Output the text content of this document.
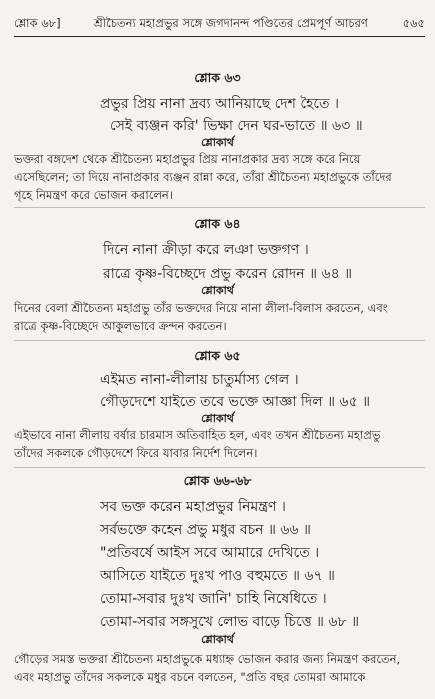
শ্লোক ৬৮]	শ্রীচৈতন্য মহাপ্রভুর সঙ্গে জগদানন্দ পণ্ডিতের প্রেমপূর্ণ আচরণ	৫৬৫
শ্লোক ৬৩
প্রভুর প্রিয় নানা দ্রব্য আনিয়াছে দেশ হৈতে ।
সেই ব্যঞ্জন করি' ভিক্ষা দেন ঘর-ভাতে ॥ ৬৩ ॥
শ্লোকার্থ
ভক্তরা বঙ্গদেশ থেকে শ্রীচৈতন্য মহাপ্রভুর প্রিয় নানাপ্রকার দ্রব্য সঙ্গে করে নিয়ে
এসেছিলেন; তা দিয়ে নানাপ্রকার ব্যঞ্জন রান্না করে, তাঁরা শ্রীচৈতন্য মহাপ্রভুকে তাঁদের
গৃহে নিমন্ত্রণ করে ভোজন করালেন।
শ্লোক ৬৪
দিনে নানা ক্রীড়া করে লঞা ভক্তগণ ।
রাত্রে কৃষ্ণ-বিচ্ছেদে প্রভু করেন রোদন ॥ ৬৪ ॥
শ্লোকার্থ
দিনের বেলা শ্রীচৈতন্য মহাপ্রভু তাঁর ভক্তদের নিয়ে নানা লীলা-বিলাস করতেন, এবং
রাত্রে কৃষ্ণ-বিচ্ছেদে আকুলভাবে ক্রন্দন করতেন।
শ্লোক ৬৫
এইমত নানা-লীলায় চাতুর্মাস্য গেল ।
গৌড়দেশে যাইতে তবে ভক্তে আজ্ঞা দিল ॥ ৬৫ ॥
শ্লোকার্থ
এইভাবে নানা লীলায় বর্ষার চারমাস অতিবাহিত হল, এবং তখন শ্রীচৈতন্য মহাপ্রভু
তাঁদের সকলকে গৌড়দেশে ফিরে যাবার নির্দেশ দিলেন।
শ্লোক ৬৬-৬৮
সব ভক্ত করেন মহাপ্রভুর নিমন্ত্রণ ।
সর্বভক্তে কহেন প্রভু মধুর বচন ॥ ৬৬ ॥
"প্রতিবর্ষে আইস সবে আমারে দেখিতে ।
আসিতে যাইতে দুঃখ পাও বহুমতে ॥ ৬৭ ॥
তোমা-সবার দুঃখ জানি' চাহি নিষেধিতে ।
তোমা-সবার সঙ্গসুখে লোভ বাড়ে চিত্তে ॥ ৬৮ ॥
শ্লোকার্থ
গৌড়ের সমস্ত ভক্তরা শ্রীচৈতন্য মহাপ্রভুকে মধ্যাহ্ন ভোজন করার জন্য নিমন্ত্রণ করতেন,
এবং মহাপ্রভু তাঁদের সকলকে মধুর বচনে বলতেন, "প্রতি বছর তোমরা আমাকে
